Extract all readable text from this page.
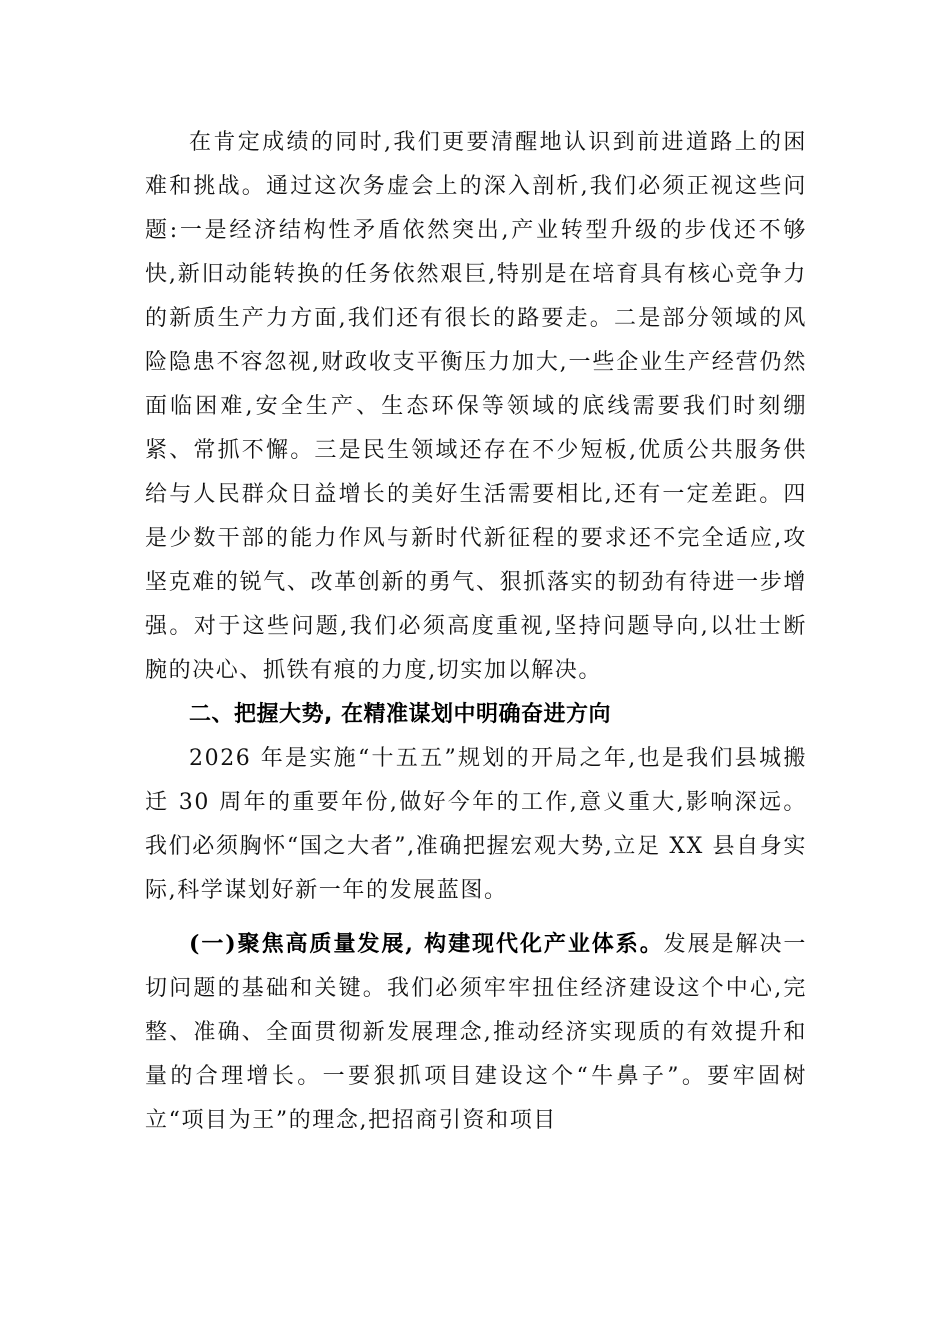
在肯定成绩的同时,我们更要清醒地认识到前进道路上的困难和挑战。通过这次务虚会上的深入剖析,我们必须正视这些问题:一是经济结构性矛盾依然突出,产业转型升级的步伐还不够快,新旧动能转换的任务依然艰巨,特别是在培育具有核心竞争力的新质生产力方面,我们还有很长的路要走。二是部分领域的风险隐患不容忽视,财政收支平衡压力加大,一些企业生产经营仍然面临困难,安全生产、生态环保等领域的底线需要我们时刻绷紧、常抓不懈。三是民生领域还存在不少短板,优质公共服务供给与人民群众日益增长的美好生活需要相比,还有一定差距。四是少数干部的能力作风与新时代新征程的要求还不完全适应,攻坚克难的锐气、改革创新的勇气、狠抓落实的韧劲有待进一步增强。对于这些问题,我们必须高度重视,坚持问题导向,以壮士断腕的决心、抓铁有痕的力度,切实加以解决。

二、把握大势, 在精准谋划中明确奋进方向

2026 年是实施“十五五”规划的开局之年,也是我们县城搬迁 30 周年的重要年份,做好今年的工作,意义重大,影响深远。我们必须胸怀“国之大者”,准确把握宏观大势,立足 XX 县自身实际,科学谋划好新一年的发展蓝图。

(一)聚焦高质量发展, 构建现代化产业体系。发展是解决一切问题的基础和关键。我们必须牢牢扭住经济建设这个中心,完整、准确、全面贯彻新发展理念,推动经济实现质的有效提升和量的合理增长。一要狠抓项目建设这个“牛鼻子”。要牢固树立“项目为王”的理念,把招商引资和项目
